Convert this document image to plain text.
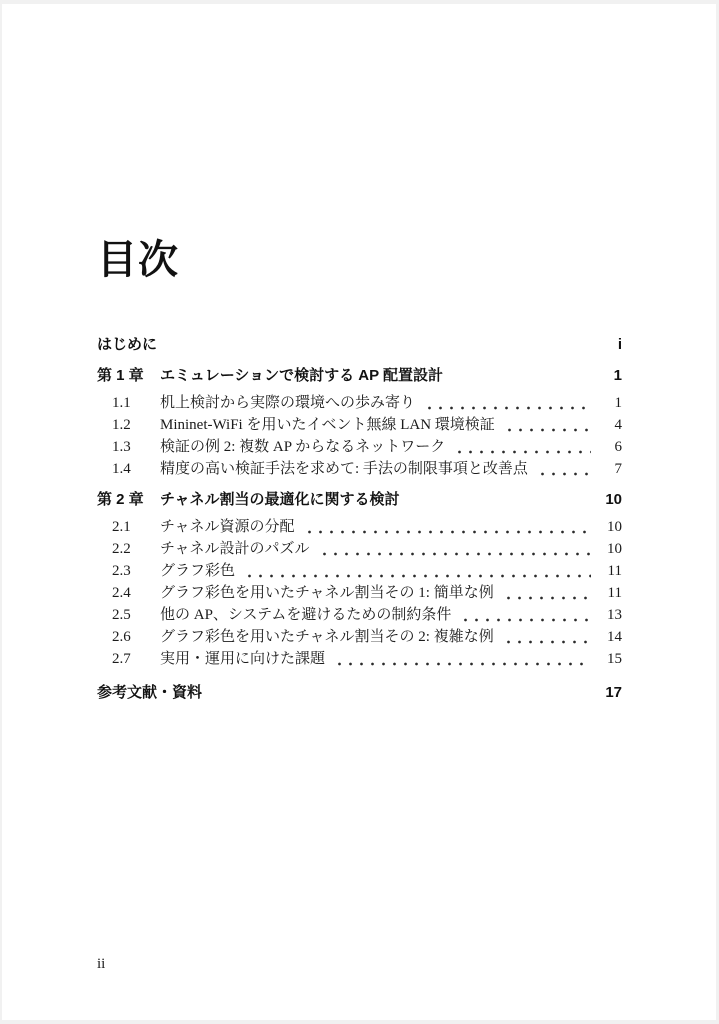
目次
はじめに	i
第 1 章	エミュレーションで検討する AP 配置設計	1
1.1	机上検討から実際の環境への歩み寄り	1
1.2	Mininet-WiFi を用いたイベント無線 LAN 環境検証	4
1.3	検証の例 2: 複数 AP からなるネットワーク	6
1.4	精度の高い検証手法を求めて: 手法の制限事項と改善点	7
第 2 章	チャネル割当の最適化に関する検討	10
2.1	チャネル資源の分配	10
2.2	チャネル設計のパズル	10
2.3	グラフ彩色	11
2.4	グラフ彩色を用いたチャネル割当その 1: 簡単な例	11
2.5	他の AP、システムを避けるための制約条件	13
2.6	グラフ彩色を用いたチャネル割当その 2: 複雑な例	14
2.7	実用・運用に向けた課題	15
参考文献・資料	17
ii
